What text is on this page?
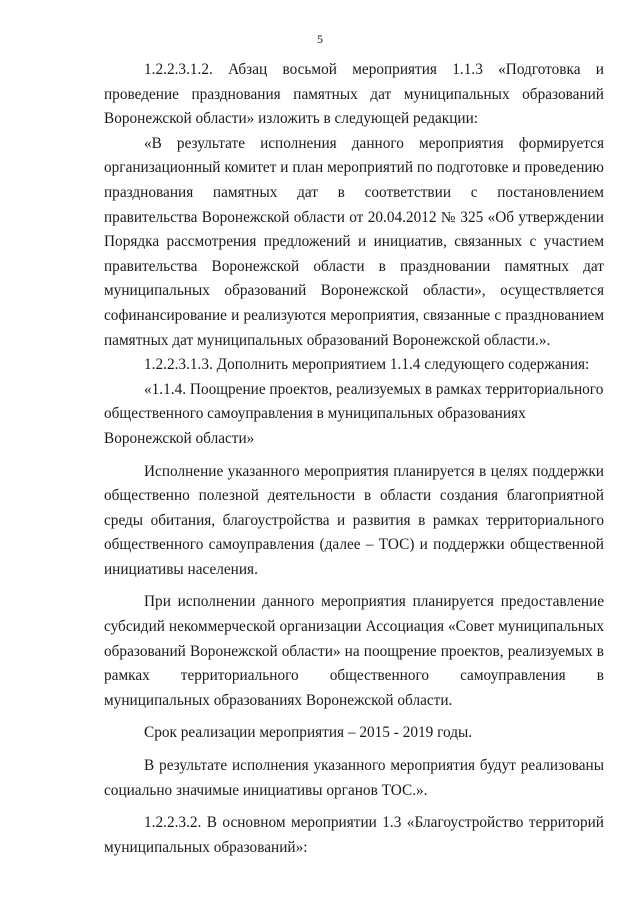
5

1.2.2.3.1.2. Абзац восьмой мероприятия 1.1.3 «Подготовка и проведение празднования памятных дат муниципальных образований Воронежской области» изложить в следующей редакции:

«В результате исполнения данного мероприятия формируется организационный комитет и план мероприятий по подготовке и проведению празднования памятных дат в соответствии с постановлением правительства Воронежской области от 20.04.2012 № 325 «Об утверждении Порядка рассмотрения предложений и инициатив, связанных с участием правительства Воронежской области в праздновании памятных дат муниципальных образований Воронежской области», осуществляется софинансирование и реализуются мероприятия, связанные с празднованием памятных дат муниципальных образований Воронежской области.».

1.2.2.3.1.3. Дополнить мероприятием 1.1.4 следующего содержания:

«1.1.4. Поощрение проектов, реализуемых в рамках территориального общественного самоуправления в муниципальных образованиях Воронежской области»

Исполнение указанного мероприятия планируется в целях поддержки общественно полезной деятельности в области создания благоприятной среды обитания, благоустройства и развития в рамках территориального общественного самоуправления (далее – ТОС) и поддержки общественной инициативы населения.

При исполнении данного мероприятия планируется предоставление субсидий некоммерческой организации Ассоциация «Совет муниципальных образований Воронежской области» на поощрение проектов, реализуемых в рамках территориального общественного самоуправления в муниципальных образованиях Воронежской области.

Срок реализации мероприятия – 2015 - 2019 годы.

В результате исполнения указанного мероприятия будут реализованы социально значимые инициативы органов ТОС.».

1.2.2.3.2. В основном мероприятии 1.3 «Благоустройство территорий муниципальных образований»:
